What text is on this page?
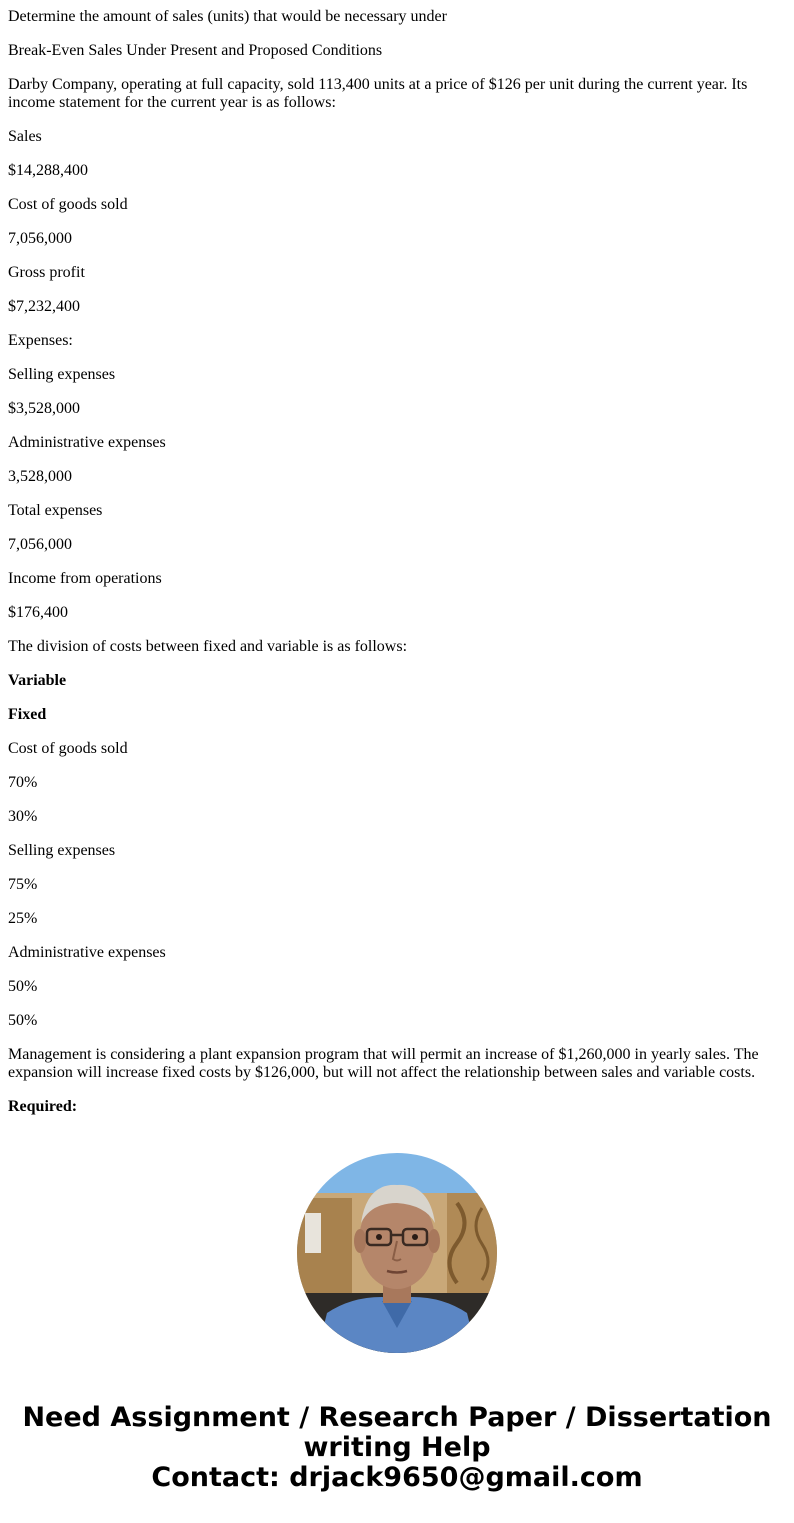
Determine the amount of sales (units) that would be necessary under

Break-Even Sales Under Present and Proposed Conditions

Darby Company, operating at full capacity, sold 113,400 units at a price of $126 per unit during the current year. Its income statement for the current year is as follows:

Sales

$14,288,400

Cost of goods sold

7,056,000

Gross profit

$7,232,400

Expenses:

Selling expenses

$3,528,000

Administrative expenses

3,528,000

Total expenses

7,056,000

Income from operations

$176,400

The division of costs between fixed and variable is as follows:

Variable

Fixed

Cost of goods sold

70%

30%

Selling expenses

75%

25%

Administrative expenses

50%

50%

Management is considering a plant expansion program that will permit an increase of $1,260,000 in yearly sales. The expansion will increase fixed costs by $126,000, but will not affect the relationship between sales and variable costs.

Required:

Need Assignment / Research Paper / Dissertation
writing Help
Contact: drjack9650@gmail.com
